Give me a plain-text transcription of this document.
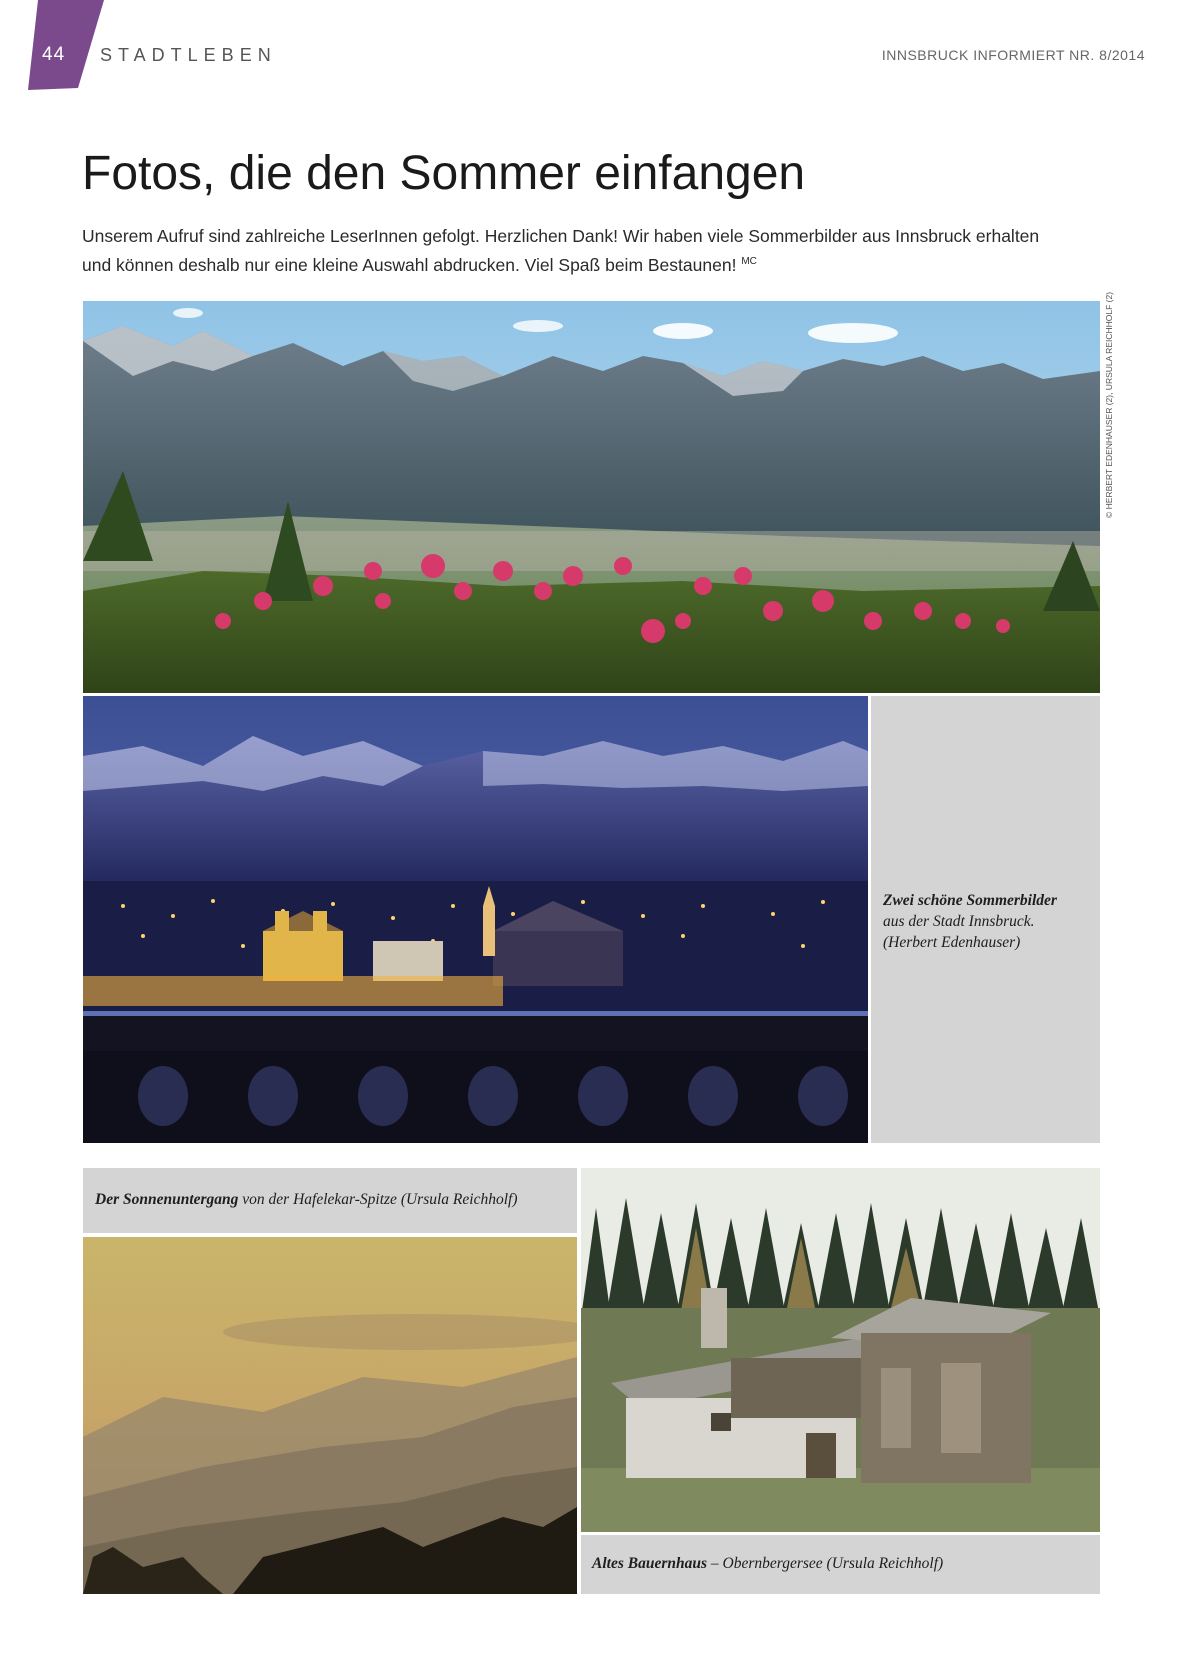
44 STADTLEBEN	INNSBRUCK INFORMIERT NR. 8/2014
Fotos, die den Sommer einfangen

Unserem Aufruf sind zahlreiche LeserInnen gefolgt. Herzlichen Dank! Wir haben viele Sommerbilder aus Innsbruck erhalten und können deshalb nur eine kleine Auswahl abdrucken. Viel Spaß beim Bestaunen! $^{MC}$

© HERBERT EDENHAUSER (2), URSULA REICHHOLF (2)
Zwei schöne Sommerbilder
aus der Stadt Innsbruck.
(Herbert Edenhauser)
Der Sonnenuntergang von der Hafelekar-Spitze (Ursula Reichholf)
Altes Bauernhaus – Obernbergersee (Ursula Reichholf)
